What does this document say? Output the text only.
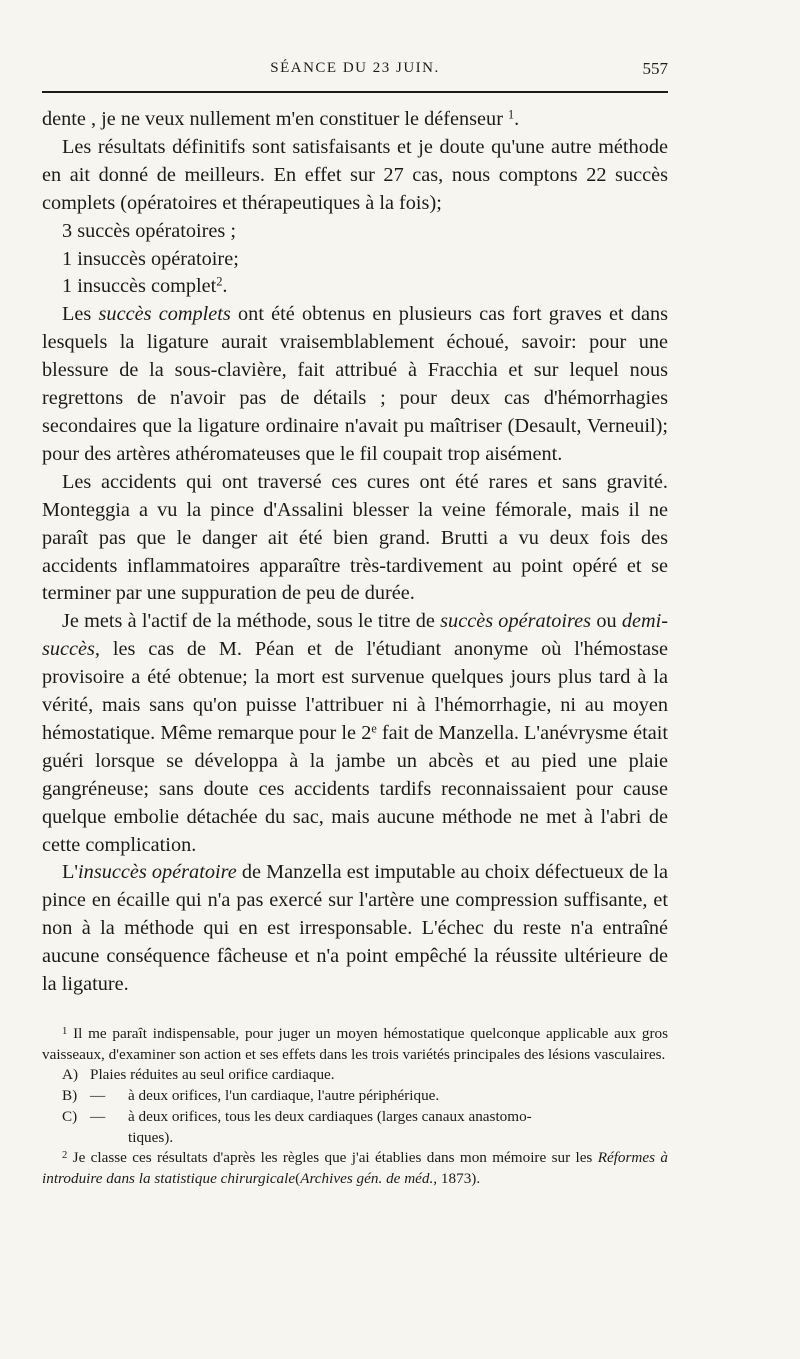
SÉANCE DU 23 JUIN.	557

dente , je ne veux nullement m'en constituer le défenseur $^1$.

Les résultats définitifs sont satisfaisants et je doute qu'une autre méthode en ait donné de meilleurs. En effet sur 27 cas, nous comptons 22 succès complets (opératoires et thérapeutiques à la fois);

3 succès opératoires ;

1 insuccès opératoire;

1 insuccès complet$^2$.

Les succès complets ont été obtenus en plusieurs cas fort graves et dans lesquels la ligature aurait vraisemblablement échoué, savoir: pour une blessure de la sous-clavière, fait attribué à Fracchia et sur lequel nous regrettons de n'avoir pas de détails ; pour deux cas d'hémorrhagies secondaires que la ligature ordinaire n'avait pu maîtriser (Desault, Verneuil); pour des artères athéromateuses que le fil coupait trop aisément.

Les accidents qui ont traversé ces cures ont été rares et sans gravité. Monteggia a vu la pince d'Assalini blesser la veine fémorale, mais il ne paraît pas que le danger ait été bien grand. Brutti a vu deux fois des accidents inflammatoires apparaître très-tardivement au point opéré et se terminer par une suppuration de peu de durée.

Je mets à l'actif de la méthode, sous le titre de succès opératoires ou demi-succès, les cas de M. Péan et de l'étudiant anonyme où l'hémostase provisoire a été obtenue; la mort est survenue quelques jours plus tard à la vérité, mais sans qu'on puisse l'attribuer ni à l'hémorrhagie, ni au moyen hémostatique. Même remarque pour le 2e fait de Manzella. L'anévrysme était guéri lorsque se développa à la jambe un abcès et au pied une plaie gangréneuse; sans doute ces accidents tardifs reconnaissaient pour cause quelque embolie détachée du sac, mais aucune méthode ne met à l'abri de cette complication.

L'insuccès opératoire de Manzella est imputable au choix défectueux de la pince en écaille qui n'a pas exercé sur l'artère une compression suffisante, et non à la méthode qui en est irresponsable. L'échec du reste n'a entraîné aucune conséquence fâcheuse et n'a point empêché la réussite ultérieure de la ligature.

$^1$ Il me paraît indispensable, pour juger un moyen hémostatique quelconque applicable aux gros vaisseaux, d'examiner son action et ses effets dans les trois variétés principales des lésions vasculaires.

A) Plaies réduites au seul orifice cardiaque.

B) — à deux orifices, l'un cardiaque, l'autre périphérique.

C) — à deux orifices, tous les deux cardiaques (larges canaux anastomo-
tiques).

$^2$ Je classe ces résultats d'après les règles que j'ai établies dans mon mémoire sur les Réformes à introduire dans la statistique chirurgicale(Archives gén. de méd., 1873).
